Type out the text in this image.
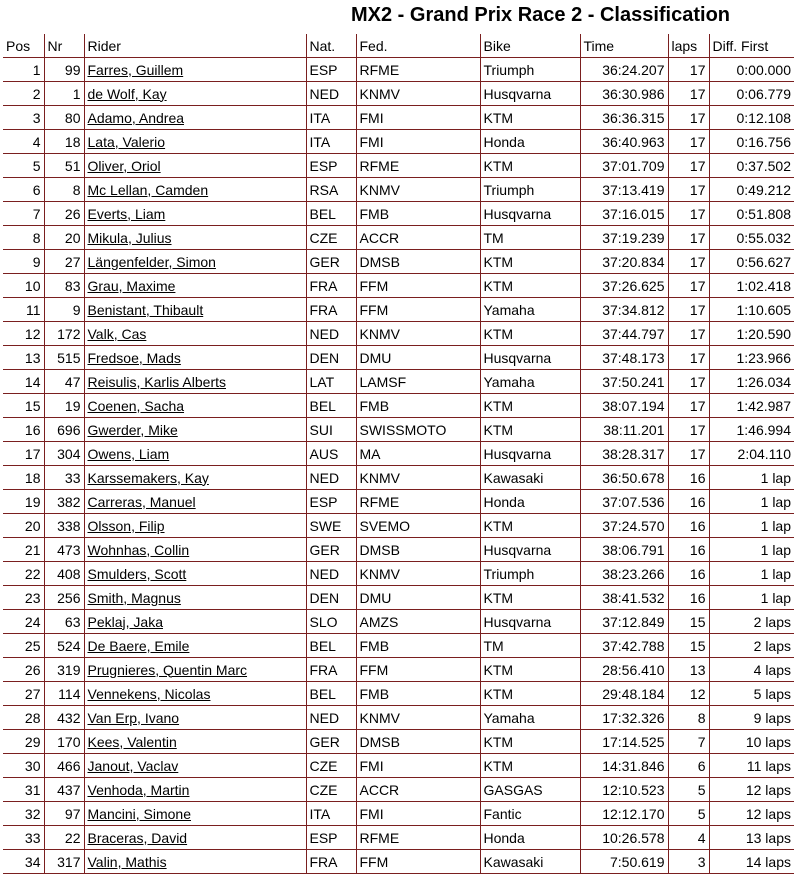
MX2 - Grand Prix Race 2 - Classification
Pos	Nr	Rider	Nat.	Fed.	Bike	Time	laps	Diff. First
1	99	Farres, Guillem	ESP	RFME	Triumph	36:24.207	17	0:00.000
2	1	de Wolf, Kay	NED	KNMV	Husqvarna	36:30.986	17	0:06.779
3	80	Adamo, Andrea	ITA	FMI	KTM	36:36.315	17	0:12.108
4	18	Lata, Valerio	ITA	FMI	Honda	36:40.963	17	0:16.756
5	51	Oliver, Oriol	ESP	RFME	KTM	37:01.709	17	0:37.502
6	8	Mc Lellan, Camden	RSA	KNMV	Triumph	37:13.419	17	0:49.212
7	26	Everts, Liam	BEL	FMB	Husqvarna	37:16.015	17	0:51.808
8	20	Mikula, Julius	CZE	ACCR	TM	37:19.239	17	0:55.032
9	27	Längenfelder, Simon	GER	DMSB	KTM	37:20.834	17	0:56.627
10	83	Grau, Maxime	FRA	FFM	KTM	37:26.625	17	1:02.418
11	9	Benistant, Thibault	FRA	FFM	Yamaha	37:34.812	17	1:10.605
12	172	Valk, Cas	NED	KNMV	KTM	37:44.797	17	1:20.590
13	515	Fredsoe, Mads	DEN	DMU	Husqvarna	37:48.173	17	1:23.966
14	47	Reisulis, Karlis Alberts	LAT	LAMSF	Yamaha	37:50.241	17	1:26.034
15	19	Coenen, Sacha	BEL	FMB	KTM	38:07.194	17	1:42.987
16	696	Gwerder, Mike	SUI	SWISSMOTO	KTM	38:11.201	17	1:46.994
17	304	Owens, Liam	AUS	MA	Husqvarna	38:28.317	17	2:04.110
18	33	Karssemakers, Kay	NED	KNMV	Kawasaki	36:50.678	16	1 lap
19	382	Carreras, Manuel	ESP	RFME	Honda	37:07.536	16	1 lap
20	338	Olsson, Filip	SWE	SVEMO	KTM	37:24.570	16	1 lap
21	473	Wohnhas, Collin	GER	DMSB	Husqvarna	38:06.791	16	1 lap
22	408	Smulders, Scott	NED	KNMV	Triumph	38:23.266	16	1 lap
23	256	Smith, Magnus	DEN	DMU	KTM	38:41.532	16	1 lap
24	63	Peklaj, Jaka	SLO	AMZS	Husqvarna	37:12.849	15	2 laps
25	524	De Baere, Emile	BEL	FMB	TM	37:42.788	15	2 laps
26	319	Prugnieres, Quentin Marc	FRA	FFM	KTM	28:56.410	13	4 laps
27	114	Vennekens, Nicolas	BEL	FMB	KTM	29:48.184	12	5 laps
28	432	Van Erp, Ivano	NED	KNMV	Yamaha	17:32.326	8	9 laps
29	170	Kees, Valentin	GER	DMSB	KTM	17:14.525	7	10 laps
30	466	Janout, Vaclav	CZE	FMI	KTM	14:31.846	6	11 laps
31	437	Venhoda, Martin	CZE	ACCR	GASGAS	12:10.523	5	12 laps
32	97	Mancini, Simone	ITA	FMI	Fantic	12:12.170	5	12 laps
33	22	Braceras, David	ESP	RFME	Honda	10:26.578	4	13 laps
34	317	Valin, Mathis	FRA	FFM	Kawasaki	7:50.619	3	14 laps
